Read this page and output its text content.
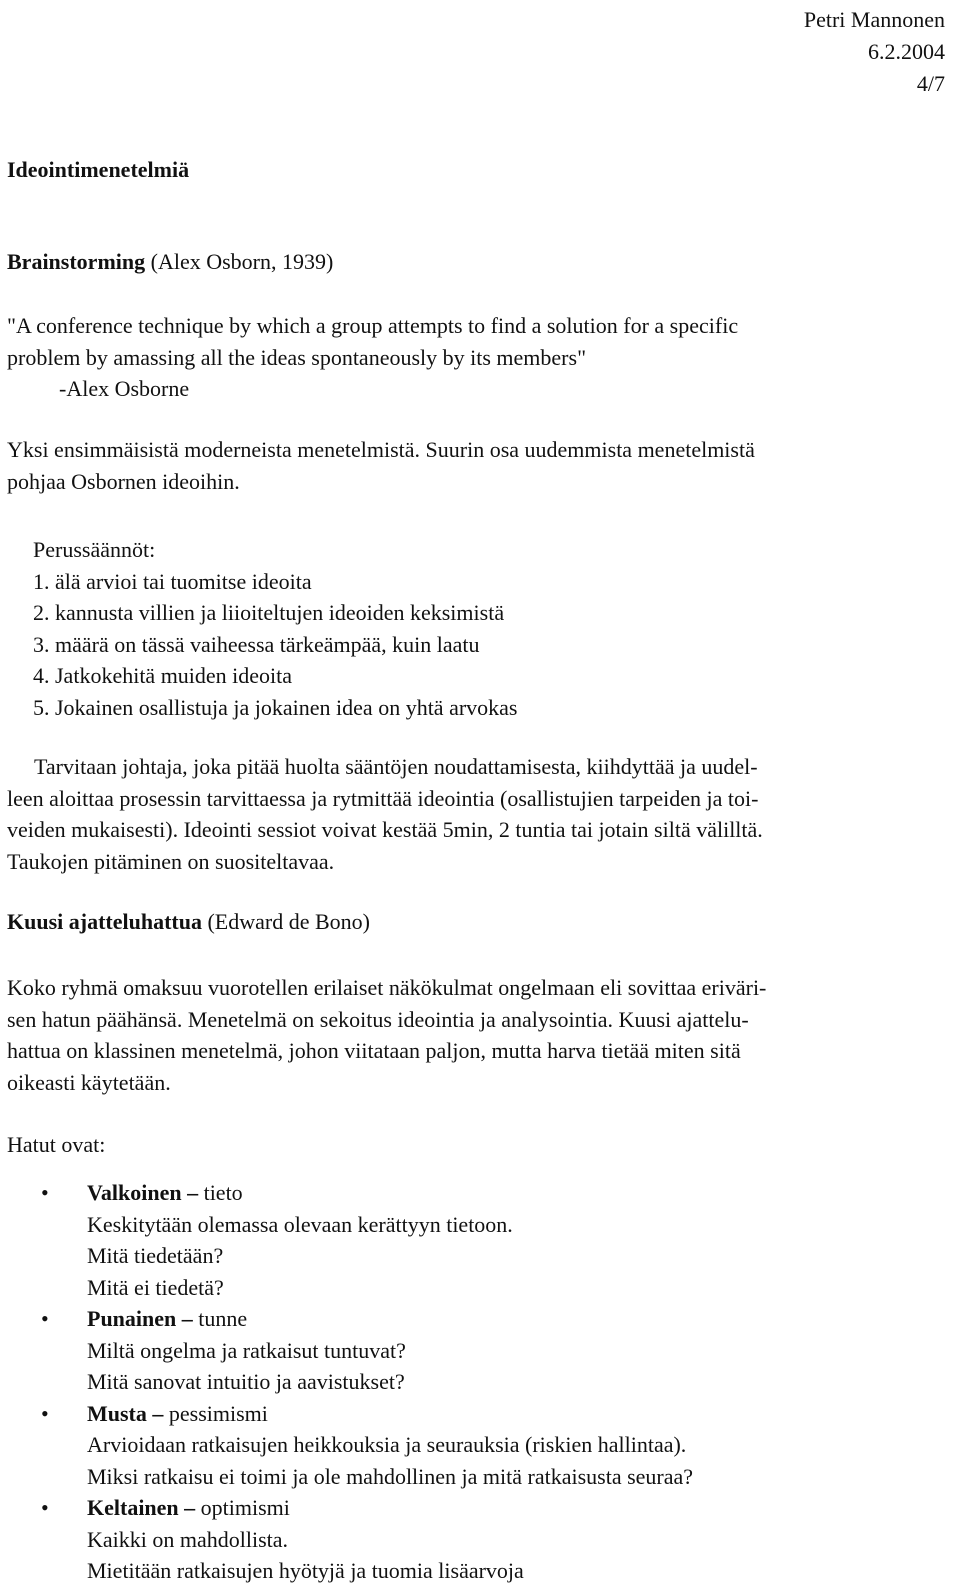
Petri Mannonen
6.2.2004
4/7
Ideointimenetelmiä
Brainstorming (Alex Osborn, 1939)
"A conference technique by which a group attempts to find a solution for a specific
problem by amassing all the ideas spontaneously by its members"
-Alex Osborne
Yksi ensimmäisistä moderneista menetelmistä. Suurin osa uudemmista menetelmistä
pohjaa Osbornen ideoihin.
Perussäännöt:
1. älä arvioi tai tuomitse ideoita
2. kannusta villien ja liioiteltujen ideoiden keksimistä
3. määrä on tässä vaiheessa tärkeämpää, kuin laatu
4. Jatkokehitä muiden ideoita
5. Jokainen osallistuja ja jokainen idea on yhtä arvokas
Tarvitaan johtaja, joka pitää huolta sääntöjen noudattamisesta, kiihdyttää ja uudel-
leen aloittaa prosessin tarvittaessa ja rytmittää ideointia (osallistujien tarpeiden ja toi-
veiden mukaisesti). Ideointi sessiot voivat kestää 5min, 2 tuntia tai jotain siltä välilltä.
Taukojen pitäminen on suositeltavaa.
Kuusi ajatteluhattua (Edward de Bono)
Koko ryhmä omaksuu vuorotellen erilaiset näkökulmat ongelmaan eli sovittaa eriväri-
sen hatun päähänsä. Menetelmä on sekoitus ideointia ja analysointia. Kuusi ajattelu-
hattua on klassinen menetelmä, johon viitataan paljon, mutta harva tietää miten sitä
oikeasti käytetään.
Hatut ovat:
• Valkoinen – tieto
Keskitytään olemassa olevaan kerättyyn tietoon.
Mitä tiedetään?
Mitä ei tiedetä?
• Punainen – tunne
Miltä ongelma ja ratkaisut tuntuvat?
Mitä sanovat intuitio ja aavistukset?
• Musta – pessimismi
Arvioidaan ratkaisujen heikkouksia ja seurauksia (riskien hallintaa).
Miksi ratkaisu ei toimi ja ole mahdollinen ja mitä ratkaisusta seuraa?
• Keltainen – optimismi
Kaikki on mahdollista.
Mietitään ratkaisujen hyötyjä ja tuomia lisäarvoja
